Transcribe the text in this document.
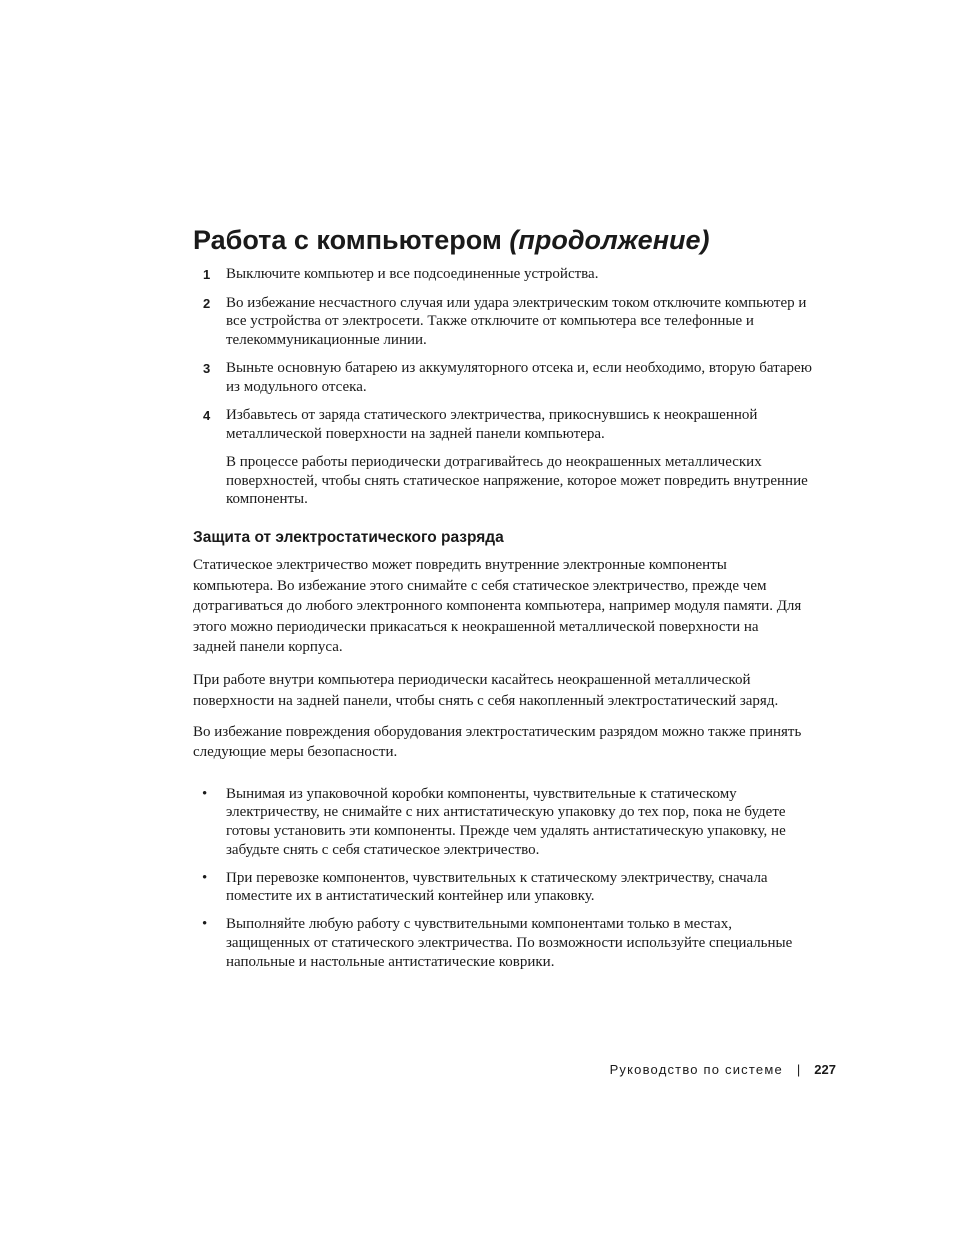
Работа с компьютером (продолжение)
1 Выключите компьютер и все подсоединенные устройства.
2 Во избежание несчастного случая или удара электрическим током отключите компьютер и все устройства от электросети. Также отключите от компьютера все телефонные и телекоммуникационные линии.
3 Выньте основную батарею из аккумуляторного отсека и, если необходимо, вторую батарею из модульного отсека.
4 Избавьтесь от заряда статического электричества, прикоснувшись к неокрашенной металлической поверхности на задней панели компьютера.
В процессе работы периодически дотрагивайтесь до неокрашенных металлических поверхностей, чтобы снять статическое напряжение, которое может повредить внутренние компоненты.
Защита от электростатического разряда

Статическое электричество может повредить внутренние электронные компоненты компьютера. Во избежание этого снимайте с себя статическое электричество, прежде чем дотрагиваться до любого электронного компонента компьютера, например модуля памяти. Для этого можно периодически прикасаться к неокрашенной металлической поверхности на задней панели корпуса.

При работе внутри компьютера периодически касайтесь неокрашенной металлической поверхности на задней панели, чтобы снять с себя накопленный электростатический заряд.

Во избежание повреждения оборудования электростатическим разрядом можно также принять следующие меры безопасности.

• Вынимая из упаковочной коробки компоненты, чувствительные к статическому электричеству, не снимайте с них антистатическую упаковку до тех пор, пока не будете готовы установить эти компоненты. Прежде чем удалять антистатическую упаковку, не забудьте снять с себя статическое электричество.
• При перевозке компонентов, чувствительных к статическому электричеству, сначала поместите их в антистатический контейнер или упаковку.
• Выполняйте любую работу с чувствительными компонентами только в местах, защищенных от статического электричества. По возможности используйте специальные напольные и настольные антистатические коврики.
Руководство по системе | 227
